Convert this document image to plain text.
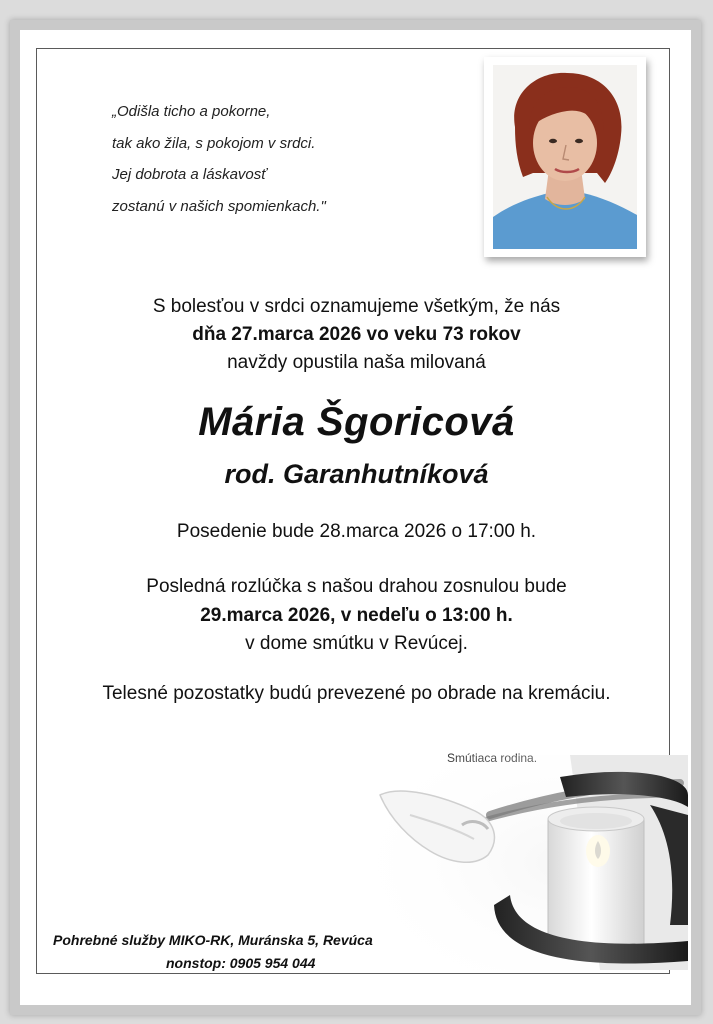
„Odišla ticho a pokorne,
tak ako žila, s pokojom v srdci.
Jej dobrota a láskavosť
zostanú v našich spomienkach."
S bolesťou v srdci oznamujeme všetkým, že nás
dňa 27.marca 2026 vo veku 73 rokov
navždy opustila naša milovaná
Mária Šgoricová
rod. Garanhutníková
Posedenie bude 28.marca 2026 o 17:00 h.
Posledná rozlúčka s našou drahou zosnulou bude
29.marca 2026, v nedeľu o 13:00 h.
v dome smútku v Revúcej.
Telesné pozostatky budú prevezené po obrade na kremáciu.
Pohrebné služby MIKO-RK, Muránska 5, Revúca
nonstop: 0905 954 044
